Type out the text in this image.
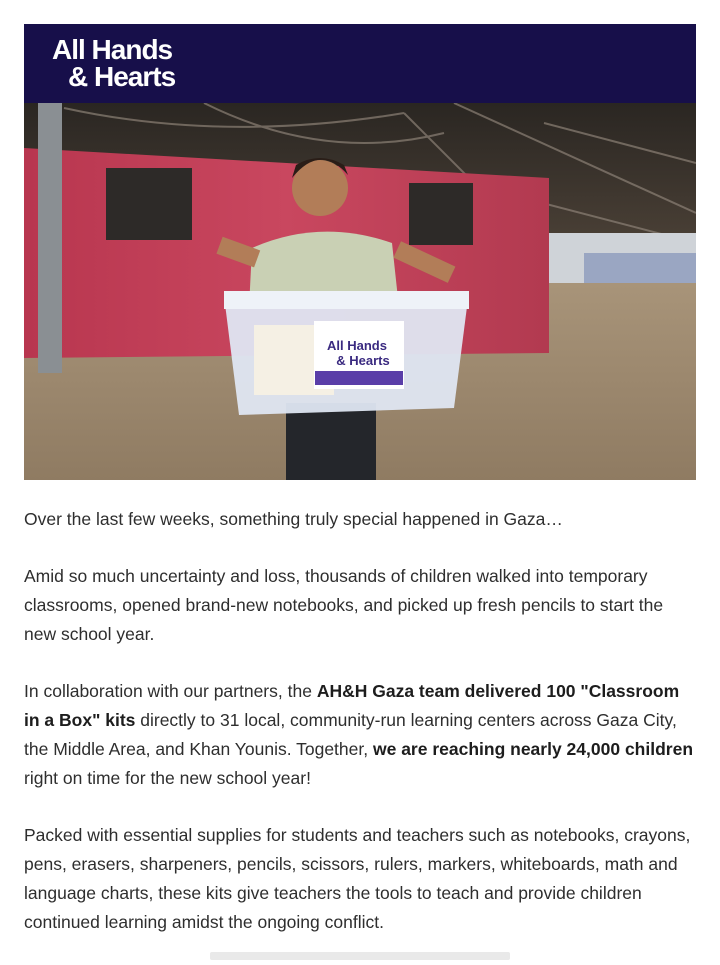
All Hands
& Hearts
All Hands
& Hearts

Over the last few weeks, something truly special happened in Gaza…

Amid so much uncertainty and loss, thousands of children walked into temporary classrooms, opened brand-new notebooks, and picked up fresh pencils to start the new school year.

In collaboration with our partners, the AH&H Gaza team delivered 100 "Classroom in a Box" kits directly to 31 local, community-run learning centers across Gaza City, the Middle Area, and Khan Younis. Together, we are reaching nearly 24,000 children right on time for the new school year!

Packed with essential supplies for students and teachers such as notebooks, crayons, pens, erasers, sharpeners, pencils, scissors, rulers, markers, whiteboards, math and language charts, these kits give teachers the tools to teach and provide children continued learning amidst the ongoing conflict.
